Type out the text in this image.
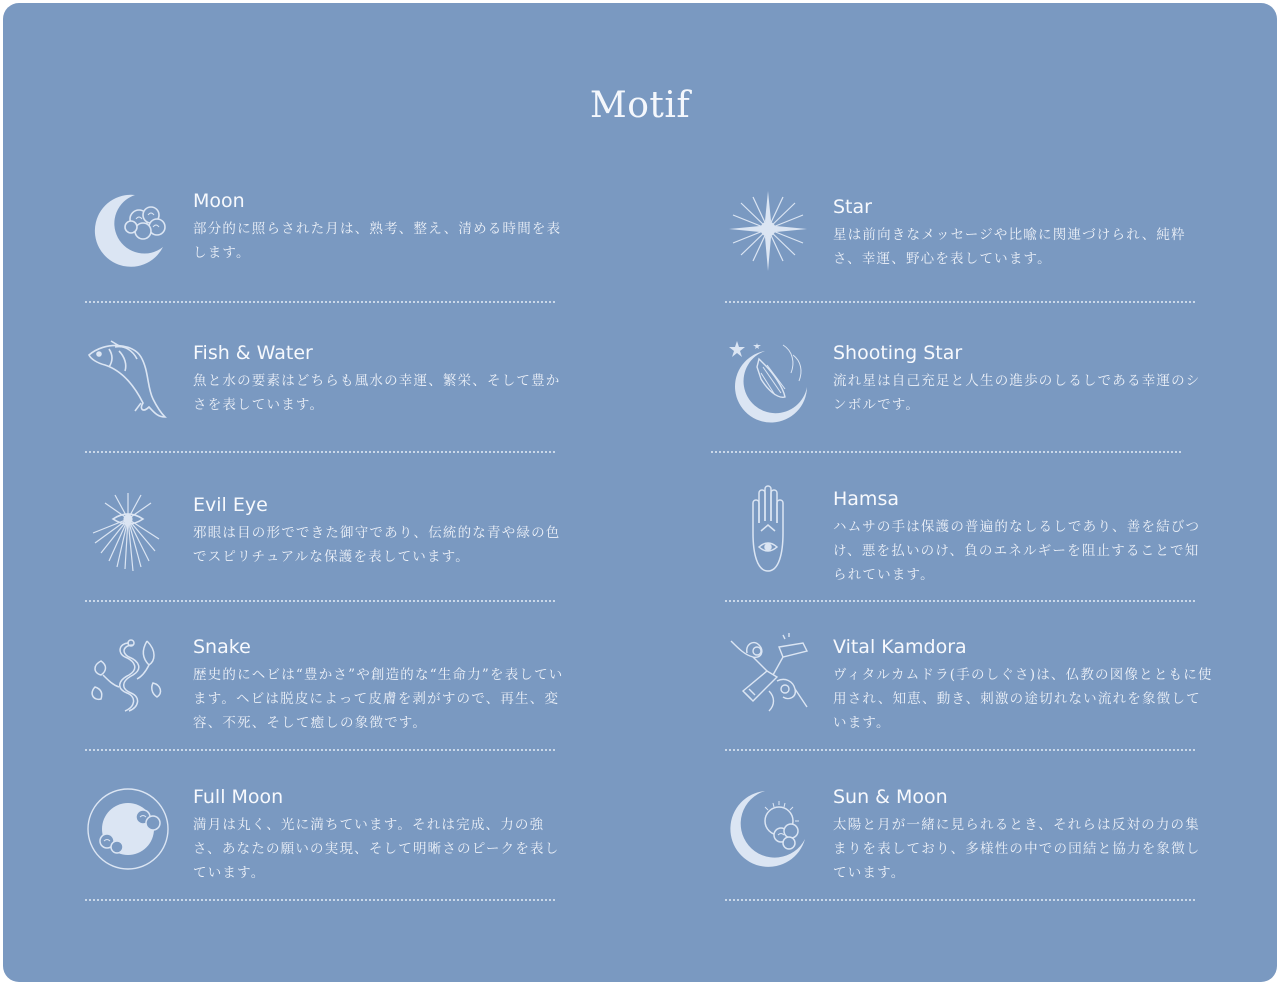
Motif
Moon
部分的に照らされた月は、熟考、整え、清める時間を表します。
Fish & Water
魚と水の要素はどちらも風水の幸運、繁栄、そして豊かさを表しています。
Evil Eye
邪眼は目の形でできた御守であり、伝統的な青や緑の色でスピリチュアルな保護を表しています。
Snake
歴史的にヘビは“豊かさ”や創造的な“生命力”を表しています。ヘビは脱皮によって皮膚を剥がすので、再生、変容、不死、そして癒しの象徴です。
Full Moon
満月は丸く、光に満ちています。それは完成、力の強さ、あなたの願いの実現、そして明晰さのピークを表しています。
Star
星は前向きなメッセージや比喩に関連づけられ、純粋さ、幸運、野心を表しています。
Shooting Star
流れ星は自己充足と人生の進歩のしるしである幸運のシンボルです。
Hamsa
ハムサの手は保護の普遍的なしるしであり、善を結びつけ、悪を払いのけ、負のエネルギーを阻止することで知られています。
Vital Kamdora
ヴィタルカムドラ(手のしぐさ)は、仏教の図像とともに使用され、知恵、動き、刺激の途切れない流れを象徴しています。
Sun & Moon
太陽と月が一緒に見られるとき、それらは反対の力の集まりを表しており、多様性の中での団結と協力を象徴しています。
